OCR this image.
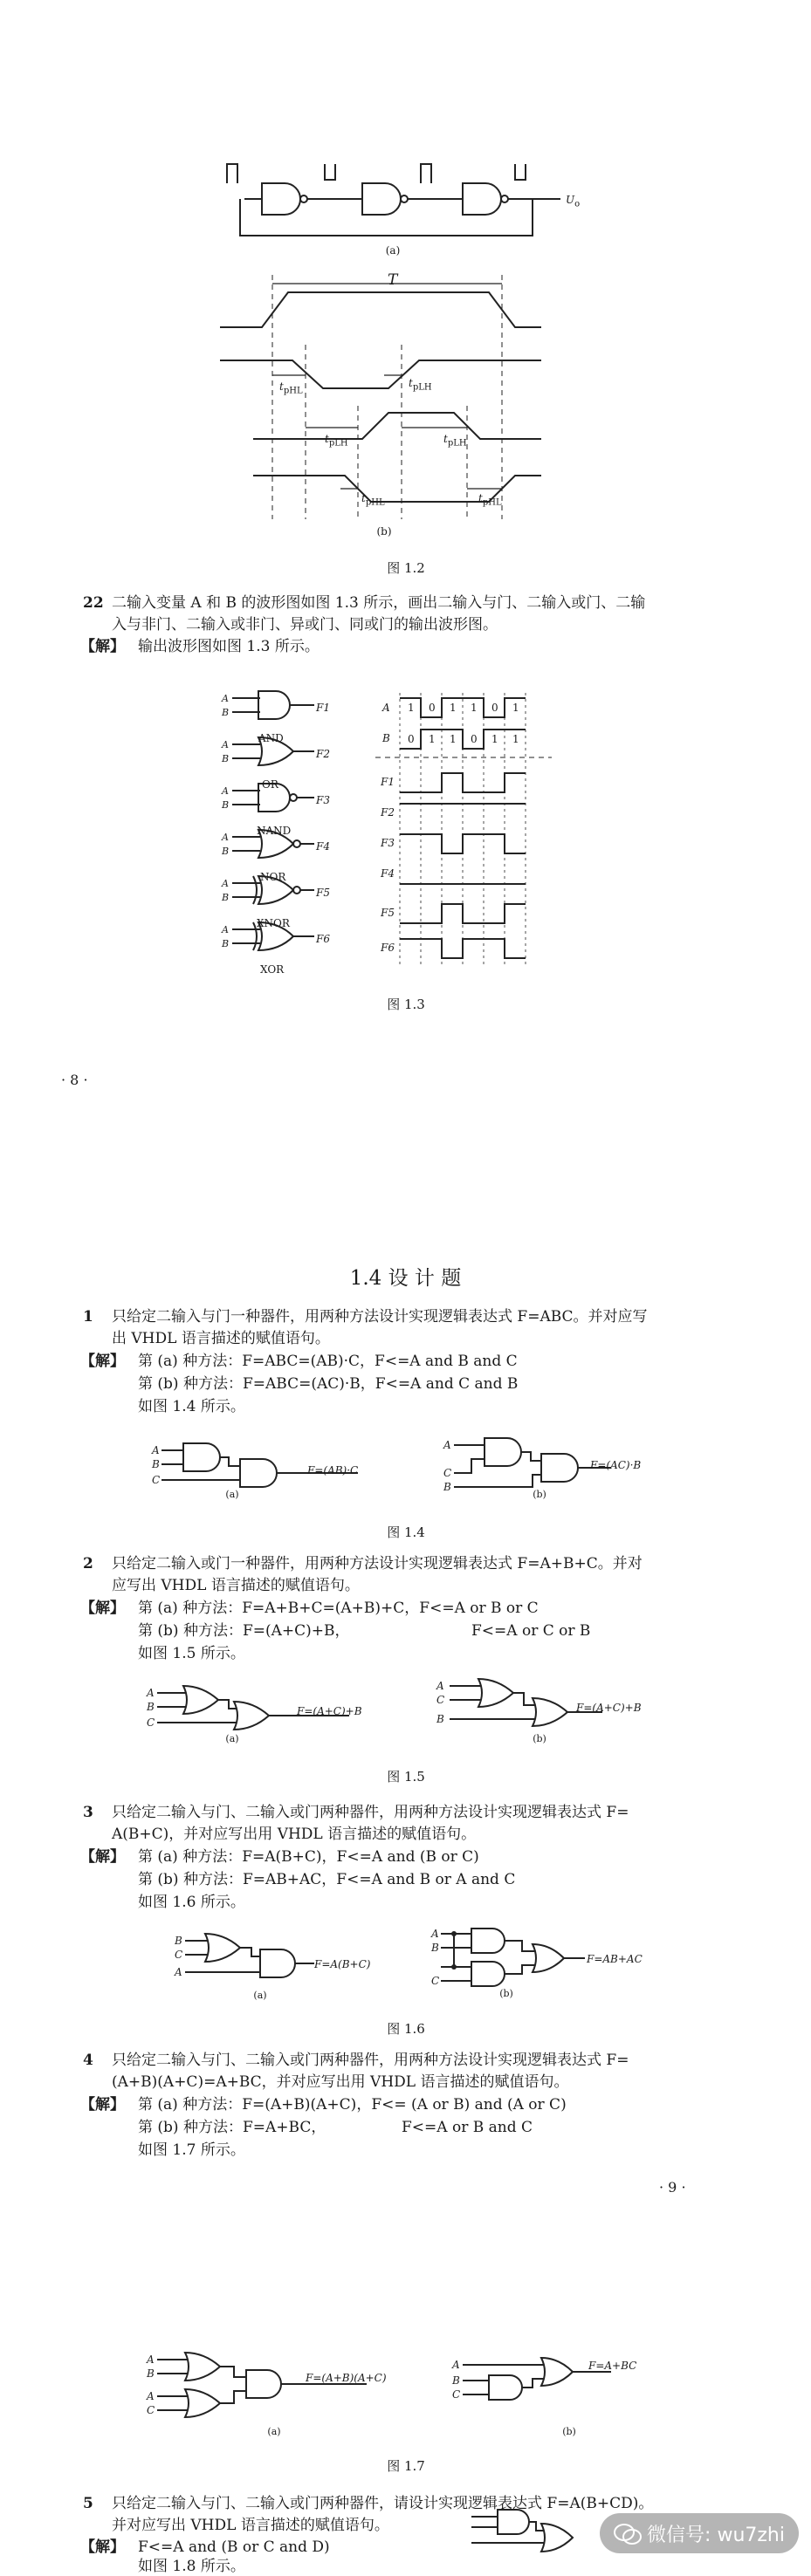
$U_o$
(a)
T
$t_{pHL}$
$t_{pLH}$
$t_{pLH}$	$t_{pLH}$
$t_{pHL}$	$t_{pHL}$
(b)
图 1.2
22 二输入变量 A 和 B 的波形图如图 1.3 所示，画出二输入与门、二输入或门、二输
入与非门、二输入或非门、异或门、同或门的输出波形图。
【解】 输出波形图如图 1.3 所示。
A
B
A
B
A
B
A
B
A
B
A
B
AND
OR
NAND
NOR
XNOR
XOR
F1
F2
F3
F4
F5
F6
A
B
F1
F2
F3
F4
F5
F6
1 0 1 1 0 1
0 1 1 0 1 1
图 1.3
· 8 ·
1.4 设 计 题
1 只给定二输入与门一种器件，用两种方法设计实现逻辑表达式 F=ABC。并对应写
出 VHDL 语言描述的赋值语句。
【解】 第 (a) 种方法：F=ABC=(AB)·C，F<=A and B and C
第 (b) 种方法：F=ABC=(AC)·B，F<=A and C and B
如图 1.4 所示。
A
B
C
A
C
B
F=(AB)·C	F=(AC)·B
(a)	(b)
图 1.4
2 只给定二输入或门一种器件，用两种方法设计实现逻辑表达式 F=A+B+C。并对
应写出 VHDL 语言描述的赋值语句。
【解】 第 (a) 种方法：F=A+B+C=(A+B)+C，F<=A or B or C
第 (b) 种方法：F=(A+C)+B，	F<=A or C or B
如图 1.5 所示。
A
B
C
A
C
B
F=(A+C)+B	F=(A+C)+B
(a)	(b)
图 1.5
3 只给定二输入与门、二输入或门两种器件，用两种方法设计实现逻辑表达式 F=
A(B+C)，并对应写出用 VHDL 语言描述的赋值语句。
【解】 第 (a) 种方法：F=A(B+C)，F<=A and (B or C)
第 (b) 种方法：F=AB+AC，F<=A and B or A and C
如图 1.6 所示。
B
C
A
A
B
C
F=A(B+C)	F=AB+AC
(a)	(b)
图 1.6
4 只给定二输入与门、二输入或门两种器件，用两种方法设计实现逻辑表达式 F=
(A+B)(A+C)=A+BC，并对应写出用 VHDL 语言描述的赋值语句。
【解】 第 (a) 种方法：F=(A+B)(A+C)，F<= (A or B) and (A or C)
第 (b) 种方法：F=A+BC，	F<=A or B and C
如图 1.7 所示。
· 9 ·
A
B
A
C
A
B
C
F=(A+B)(A+C)
F=A+BC
(a)	(b)
图 1.7
5 只给定二输入与门、二输入或门两种器件，请设计实现逻辑表达式 F=A(B+CD)。
并对应写出 VHDL 语言描述的赋值语句。
【解】 F<=A and (B or C and D)
如图 1.8 所示。
微信号: wu7zhi
